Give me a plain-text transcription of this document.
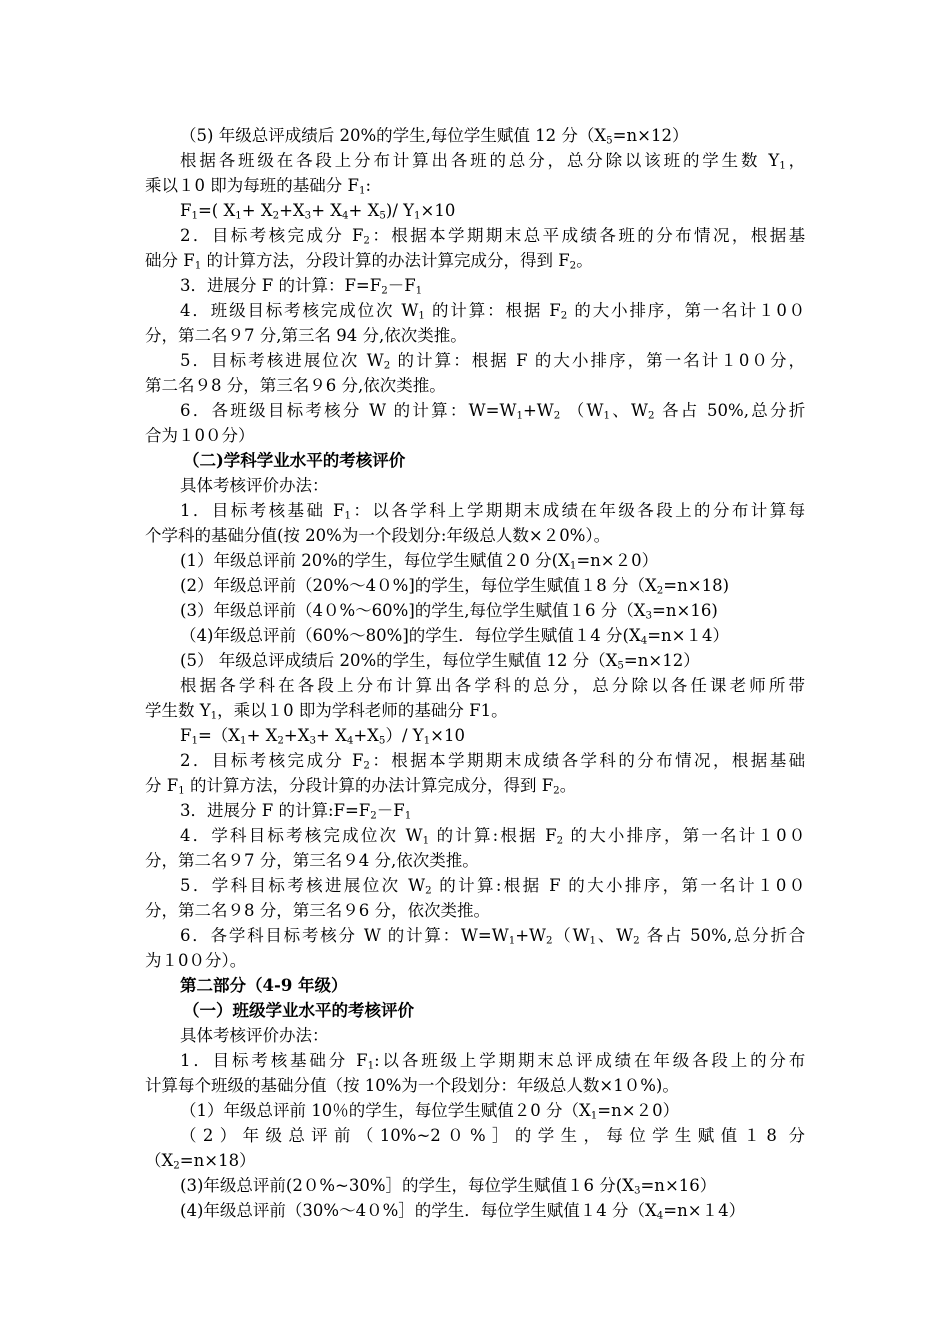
（5) 年级总评成绩后 20%的学生,每位学生赋值 12 分$(X_5=n\times 12)$
根据各班级在各段上分布计算出各班的总分，总分除以该班的学生数 $Y_1$，
乘以１0 即为每班的基础分 $F_1$:
$F_1=$( $X_1+ X_2+X_3+ X_4+ X_5)/$ $Y_1\times 10$
2．目标考核完成分 $F_2$：根据本学期期末总平成绩各班的分布情况，根据基
础分 $F_1$ 的计算方法，分段计算的办法计算完成分，得到 $F_2$。
3．进展分 F 的计算：$F=F_2-F_1$
4．班级目标考核完成位次 $W_1$ 的计算：根据 $F_2$ 的大小排序，第一名计１0０
分，第二名９7 分,第三名 94 分,依次类推。
5．目标考核进展位次 $W_2$ 的计算：根据 F 的大小排序，第一名计１0０分，
第二名９8 分，第三名９6 分,依次类推。
6．各班级目标考核分 W 的计算：$W=W_1+W_2$ （$W_1$、$W_2$ 各占 50%,总分折
合为１0０分）
（二)学科学业水平的考核评价
具体考核评价办法：
1．目标考核基础 $F_1$：以各学科上学期期末成绩在年级各段上的分布计算每
个学科的基础分值(按 20%为一个段划分:年级总人数×２0%）。
(1）年级总评前 20%的学生，每位学生赋值２0 分$(X_1=n\times 20)$
(2）年级总评前（20%～4０%]的学生，每位学生赋值１8 分$(X_2=n\times 18)$
(3）年级总评前（4０%～60%]的学生,每位学生赋值１6 分$(X_3=n\times 16)$
（4)年级总评前（60%～80%]的学生．每位学生赋值１4 分$(X_4=n\times 14)$
(5） 年级总评成绩后 20%的学生，每位学生赋值 12 分$(X_5=n\times 12)$
根据各学科在各段上分布计算出各学科的总分，总分除以各任课老师所带
学生数 $Y_1$，乘以１0 即为学科老师的基础分 F1。
$F_1=(X_1+ X_2+X_3+ X_4+X_5)/$ $Y_1\times 10$
2．目标考核完成分 $F_2$：根据本学期期末成绩各学科的分布情况，根据基础
分 $F_1$ 的计算方法，分段计算的办法计算完成分，得到 $F_2$。
3．进展分 F 的计算$:F=F_2-F_1$
4．学科目标考核完成位次 $W_1$ 的计算:根据 $F_2$ 的大小排序，第一名计１0０
分，第二名９7 分，第三名９4 分,依次类推。
5．学科目标考核进展位次 $W_2$ 的计算:根据 F 的大小排序，第一名计１0０
分，第二名９8 分，第三名９6 分，依次类推。
6．各学科目标考核分 W 的计算：$W=W_1+W_2(W_1$、$W_2$ 各占 50%,总分折合
为１0０分）。
第二部分（4-9 年级）
（一）班级学业水平的考核评价
具体考核评价办法：
1．目标考核基础分 $F_1$:以各班级上学期期末总评成绩在年级各段上的分布
计算每个班级的基础分值（按 10%为一个段划分：年级总人数×1０%)。
（1）年级总评前 10％的学生，每位学生赋值２0 分$(X_1=n\times 20)$
（2）年级总评前（10%~2０%］的学生，每位学生赋值１8 分
$(X_2=n\times 18)$
(3)年级总评前(2０%~30%］的学生，每位学生赋值１6 分$(X_3=n\times 16)$
(4)年级总评前（30%～4０%］的学生．每位学生赋值１4 分$(X_4=n\times 14)$
